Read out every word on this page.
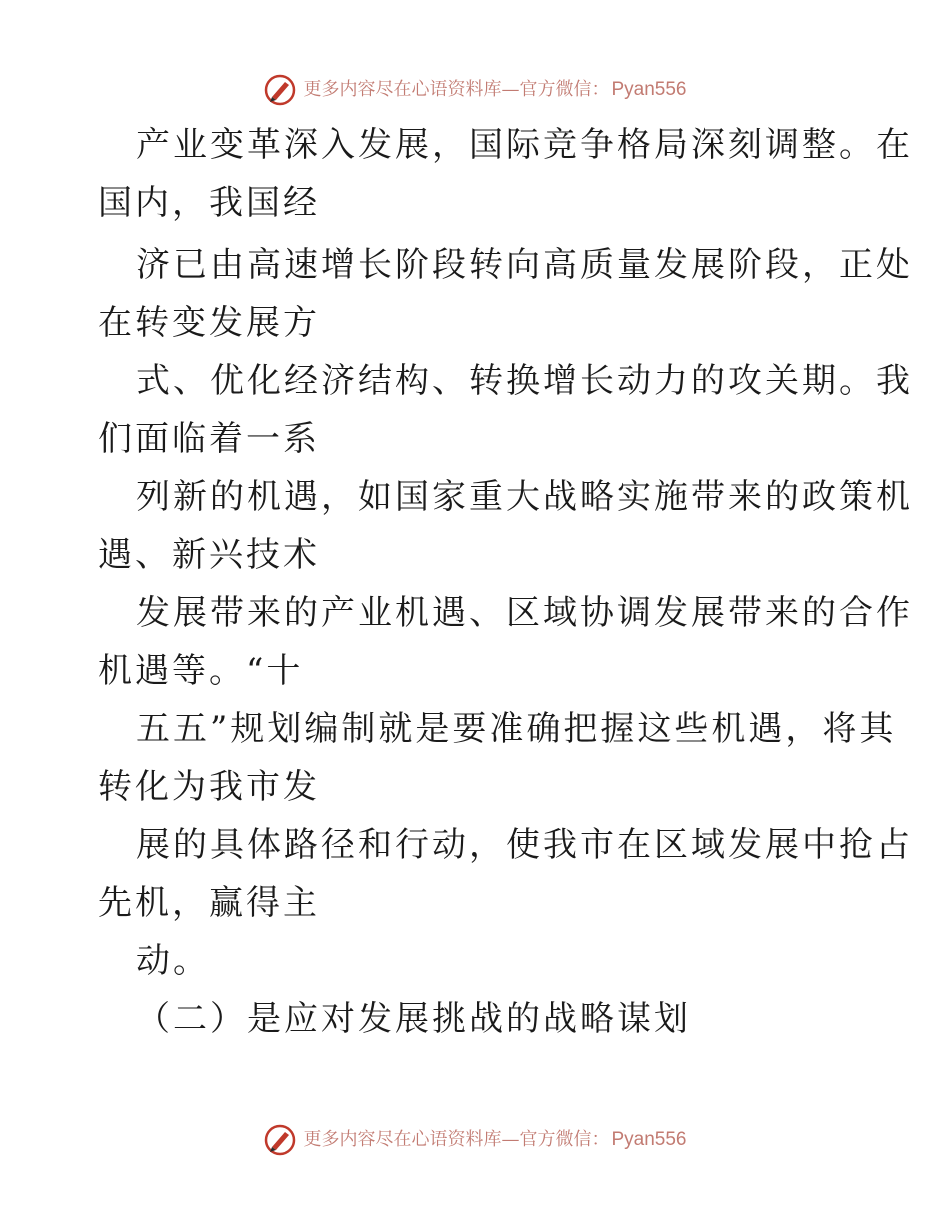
更多内容尽在心语资料库—官方微信： Pyan556
产业变革深入发展，国际竞争格局深刻调整。在
国内，我国经
济已由高速增长阶段转向高质量发展阶段，正处
在转变发展方
式、优化经济结构、转换增长动力的攻关期。我
们面临着一系
列新的机遇，如国家重大战略实施带来的政策机
遇、新兴技术
发展带来的产业机遇、区域协调发展带来的合作
机遇等。“十
五五”规划编制就是要准确把握这些机遇，将其
转化为我市发
展的具体路径和行动，使我市在区域发展中抢占
先机，赢得主
动。
（二）是应对发展挑战的战略谋划
更多内容尽在心语资料库—官方微信： Pyan556
